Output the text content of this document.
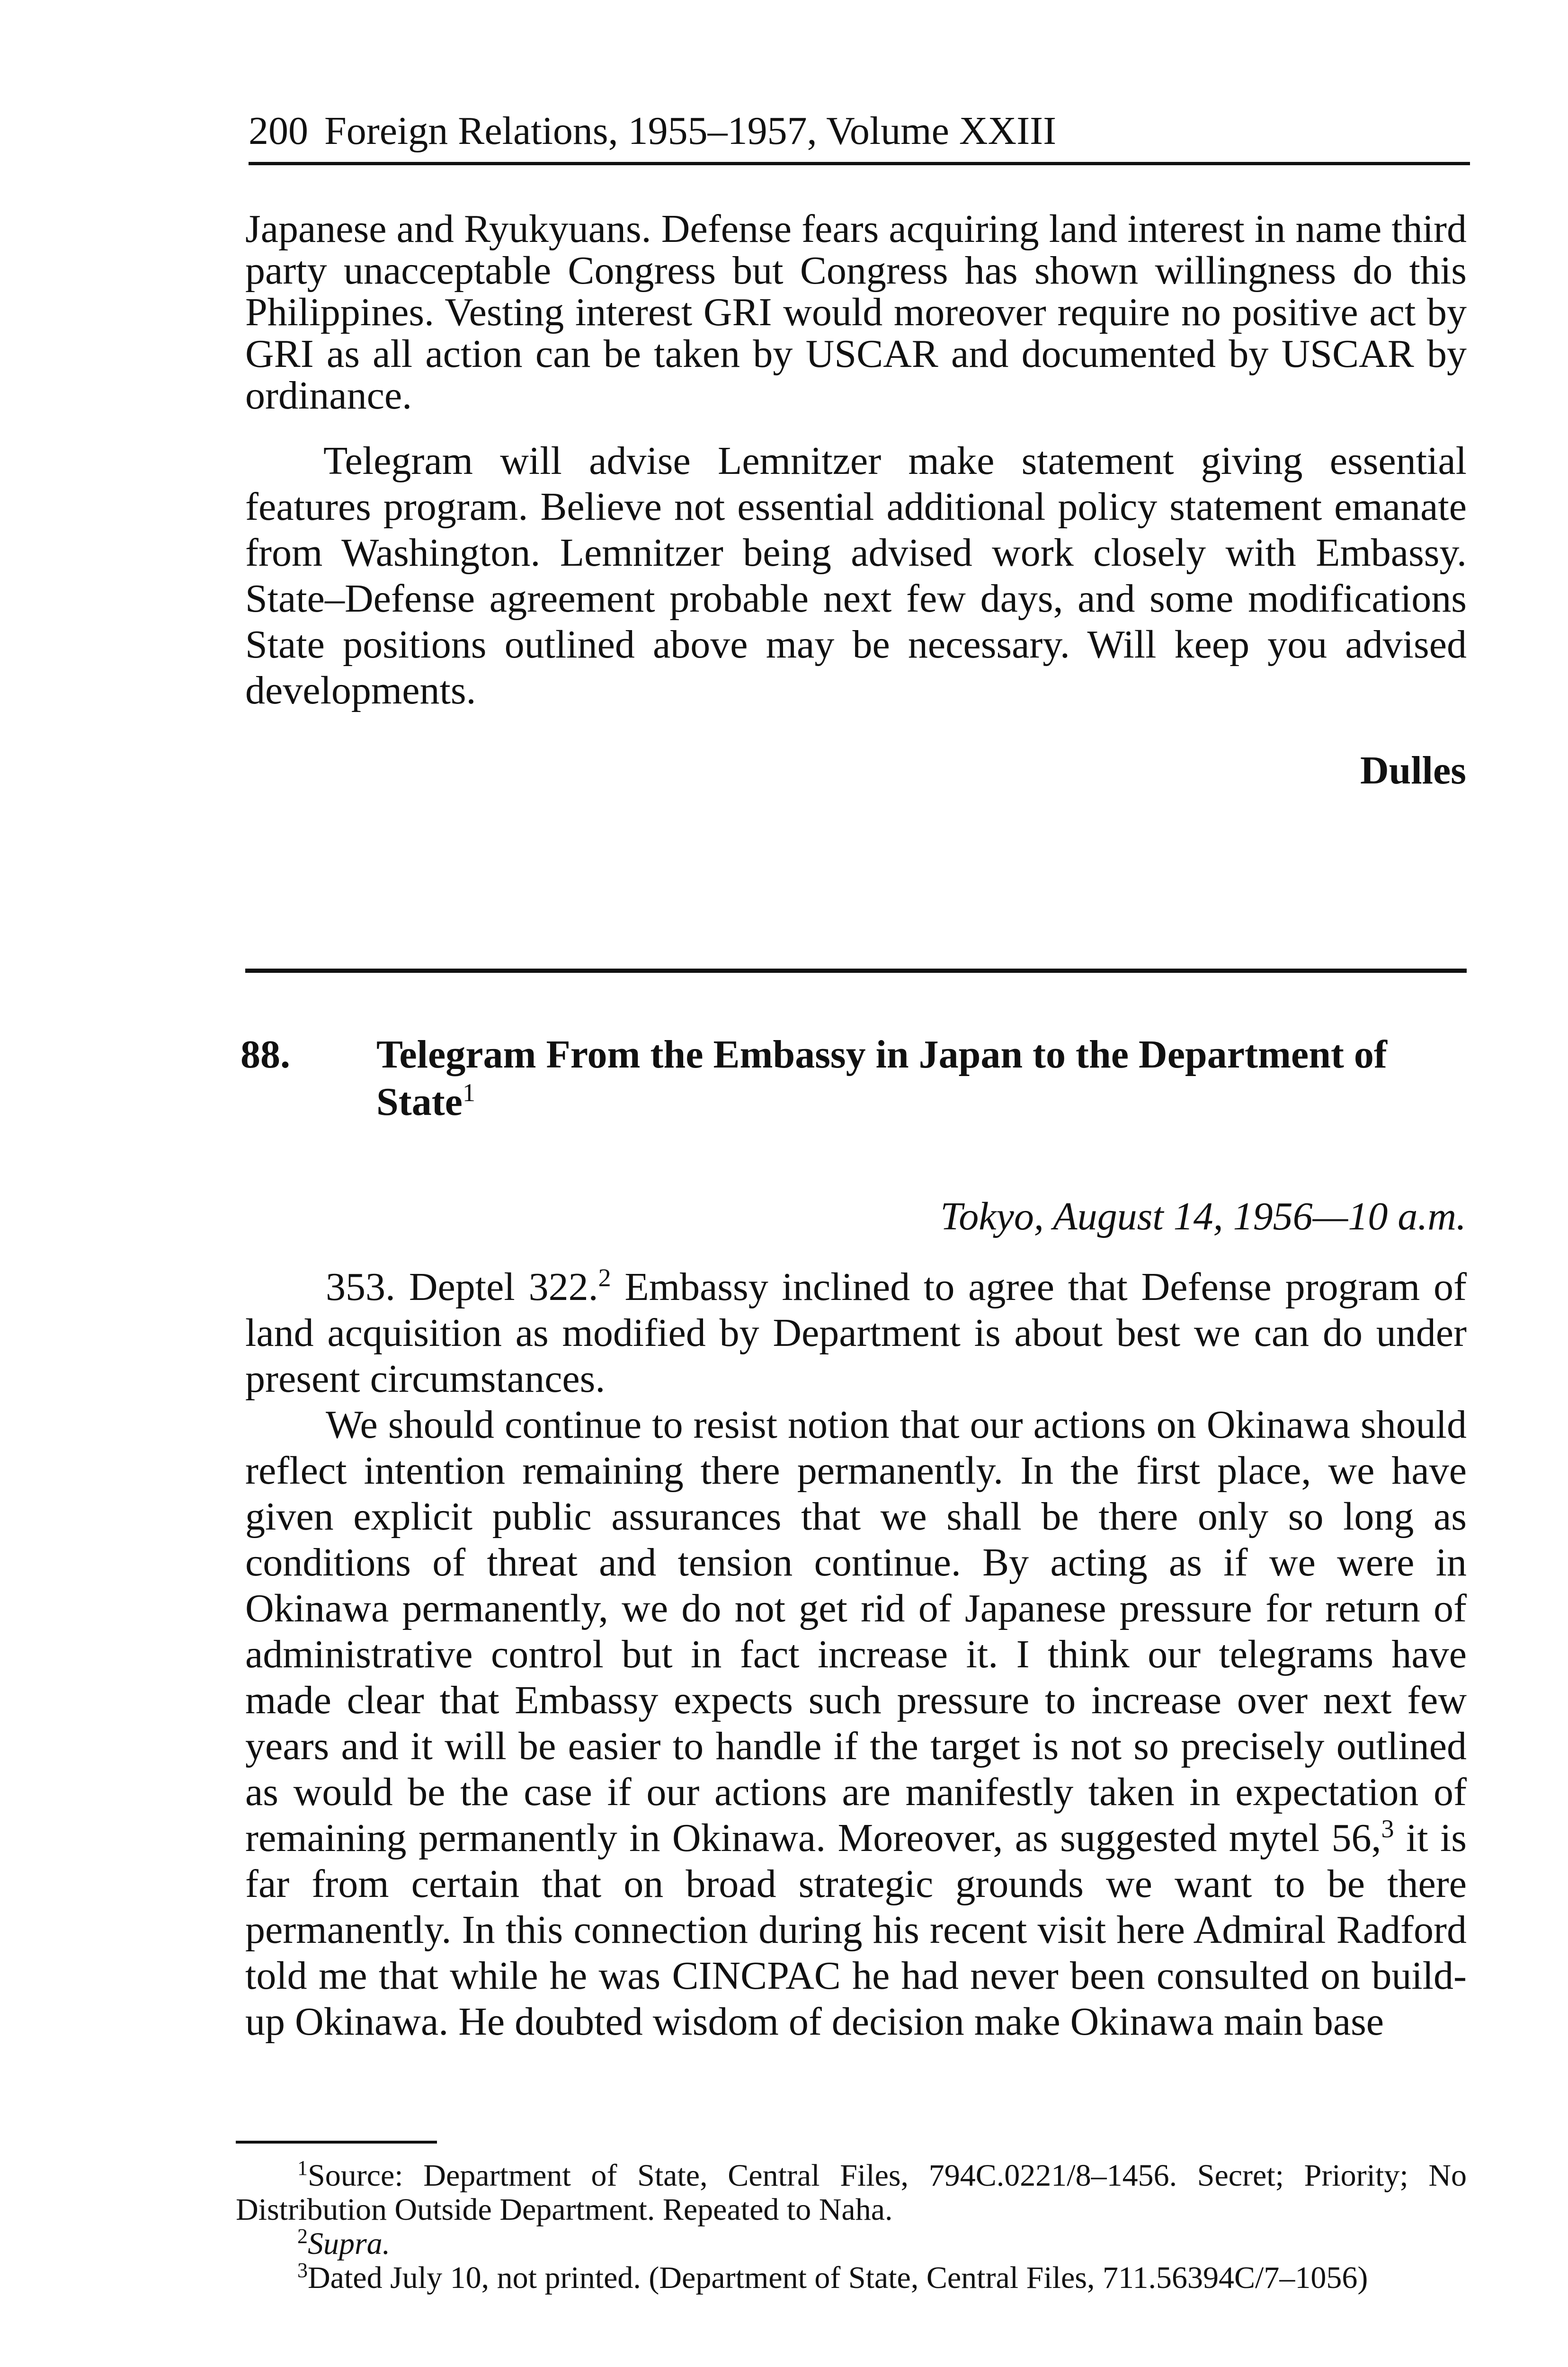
200 Foreign Relations, 1955–1957, Volume XXIII

Japanese and Ryukyuans. Defense fears acquiring land interest in name third party unacceptable Congress but Congress has shown willingness do this Philippines. Vesting interest GRI would moreover require no positive act by GRI as all action can be taken by USCAR and documented by USCAR by ordinance.

Telegram will advise Lemnitzer make statement giving essential features program. Believe not essential additional policy statement emanate from Washington. Lemnitzer being advised work closely with Embassy. State–Defense agreement probable next few days, and some modifications State positions outlined above may be necessary. Will keep you advised developments.

Dulles
88. Telegram From the Embassy in Japan to the Department of State$^1$
Tokyo, August 14, 1956—10 a.m.

353. Deptel 322.$^2$ Embassy inclined to agree that Defense program of land acquisition as modified by Department is about best we can do under present circumstances.

We should continue to resist notion that our actions on Okinawa should reflect intention remaining there permanently. In the first place, we have given explicit public assurances that we shall be there only so long as conditions of threat and tension continue. By acting as if we were in Okinawa permanently, we do not get rid of Japanese pressure for return of administrative control but in fact increase it. I think our telegrams have made clear that Embassy expects such pressure to increase over next few years and it will be easier to handle if the target is not so precisely outlined as would be the case if our actions are manifestly taken in expectation of remaining permanently in Okinawa. Moreover, as suggested mytel 56,$^3$ it is far from certain that on broad strategic grounds we want to be there permanently. In this connection during his recent visit here Admiral Radford told me that while he was CINCPAC he had never been consulted on build-up Okinawa. He doubted wisdom of decision make Okinawa main base

$^1$Source: Department of State, Central Files, 794C.0221/8–1456. Secret; Priority; No Distribution Outside Department. Repeated to Naha.

$^2$Supra.

$^3$Dated July 10, not printed. (Department of State, Central Files, 711.56394C/7–1056)
